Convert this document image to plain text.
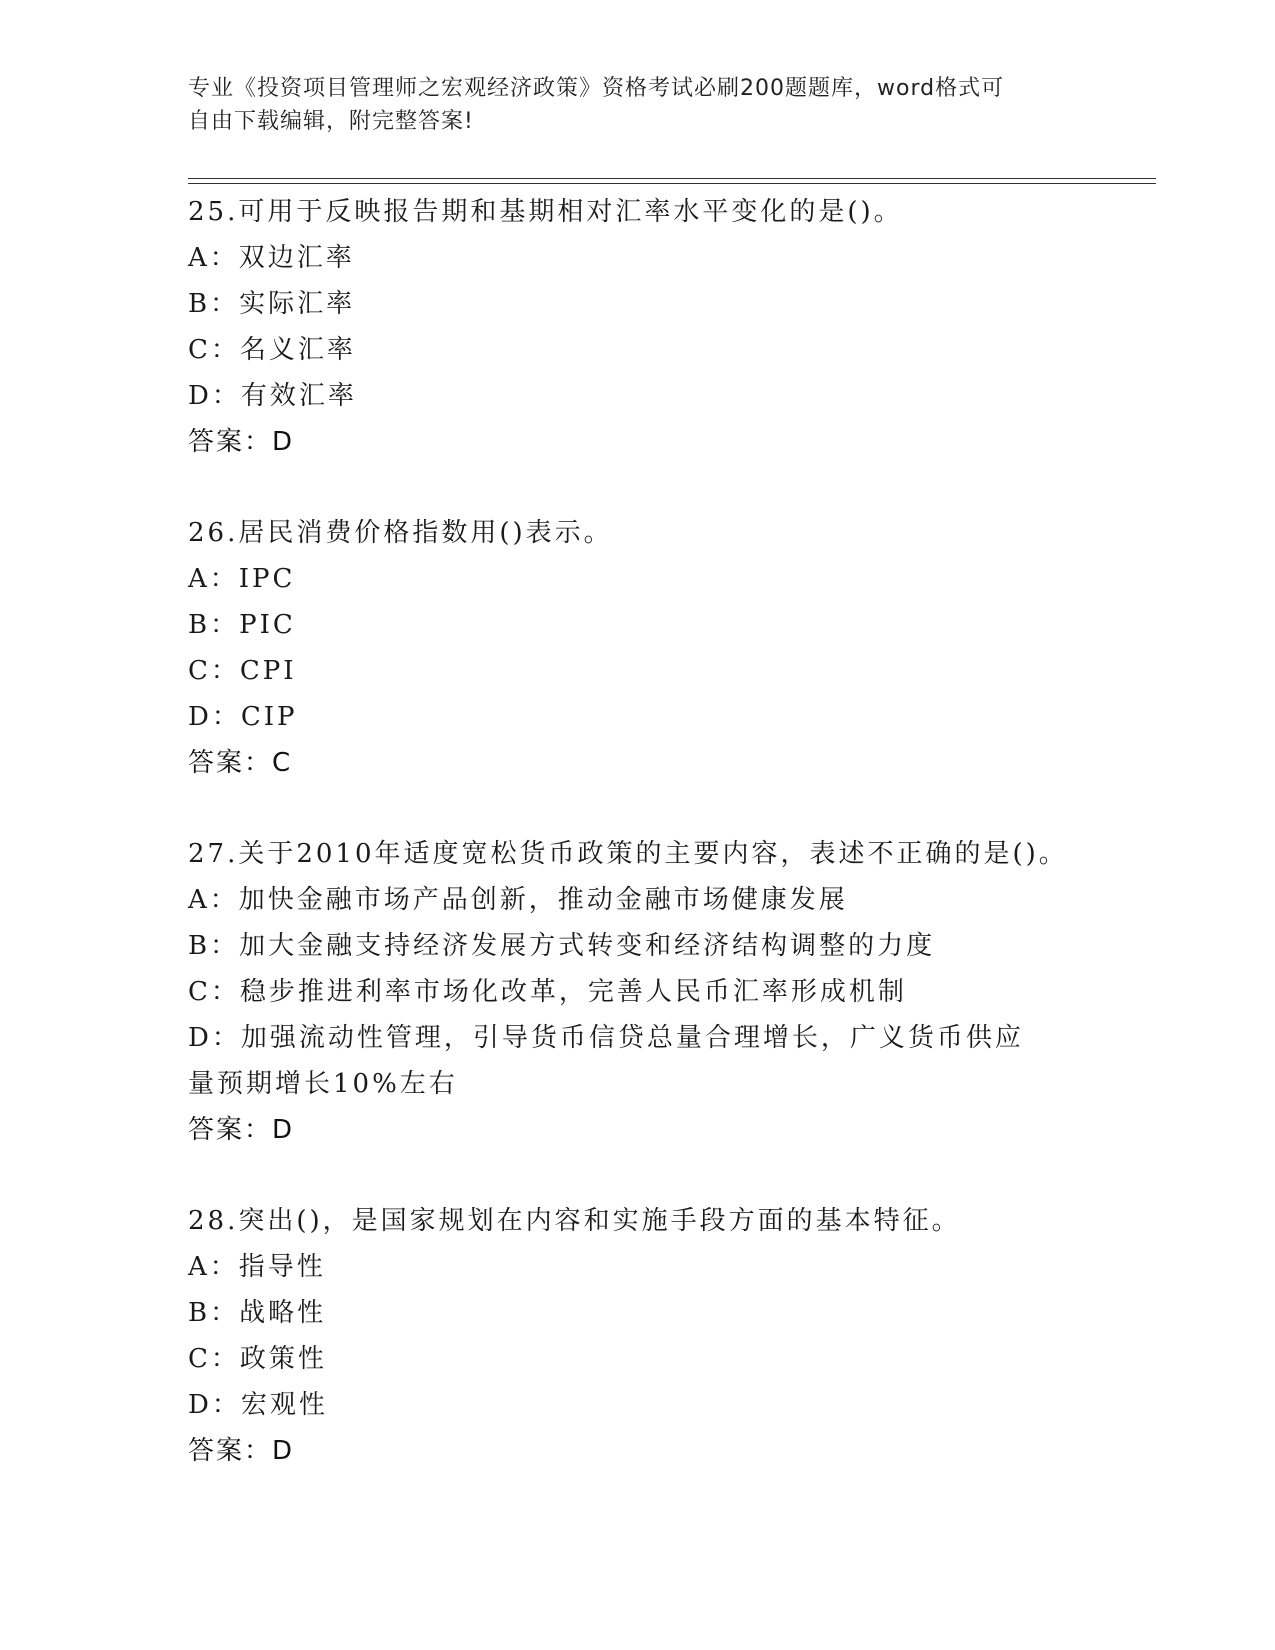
专业《投资项目管理师之宏观经济政策》资格考试必刷200题题库，word格式可
自由下载编辑，附完整答案!
25.可用于反映报告期和基期相对汇率水平变化的是()。
A：双边汇率
B：实际汇率
C：名义汇率
D：有效汇率
答案：D
26.居民消费价格指数用()表示。
A：IPC
B：PIC
C：CPI
D：CIP
答案：C
27.关于2010年适度宽松货币政策的主要内容，表述不正确的是()。
A：加快金融市场产品创新，推动金融市场健康发展
B：加大金融支持经济发展方式转变和经济结构调整的力度
C：稳步推进利率市场化改革，完善人民币汇率形成机制
D：加强流动性管理，引导货币信贷总量合理增长，广义货币供应量预期增长10%左右
答案：D
28.突出()，是国家规划在内容和实施手段方面的基本特征。
A：指导性
B：战略性
C：政策性
D：宏观性
答案：D
